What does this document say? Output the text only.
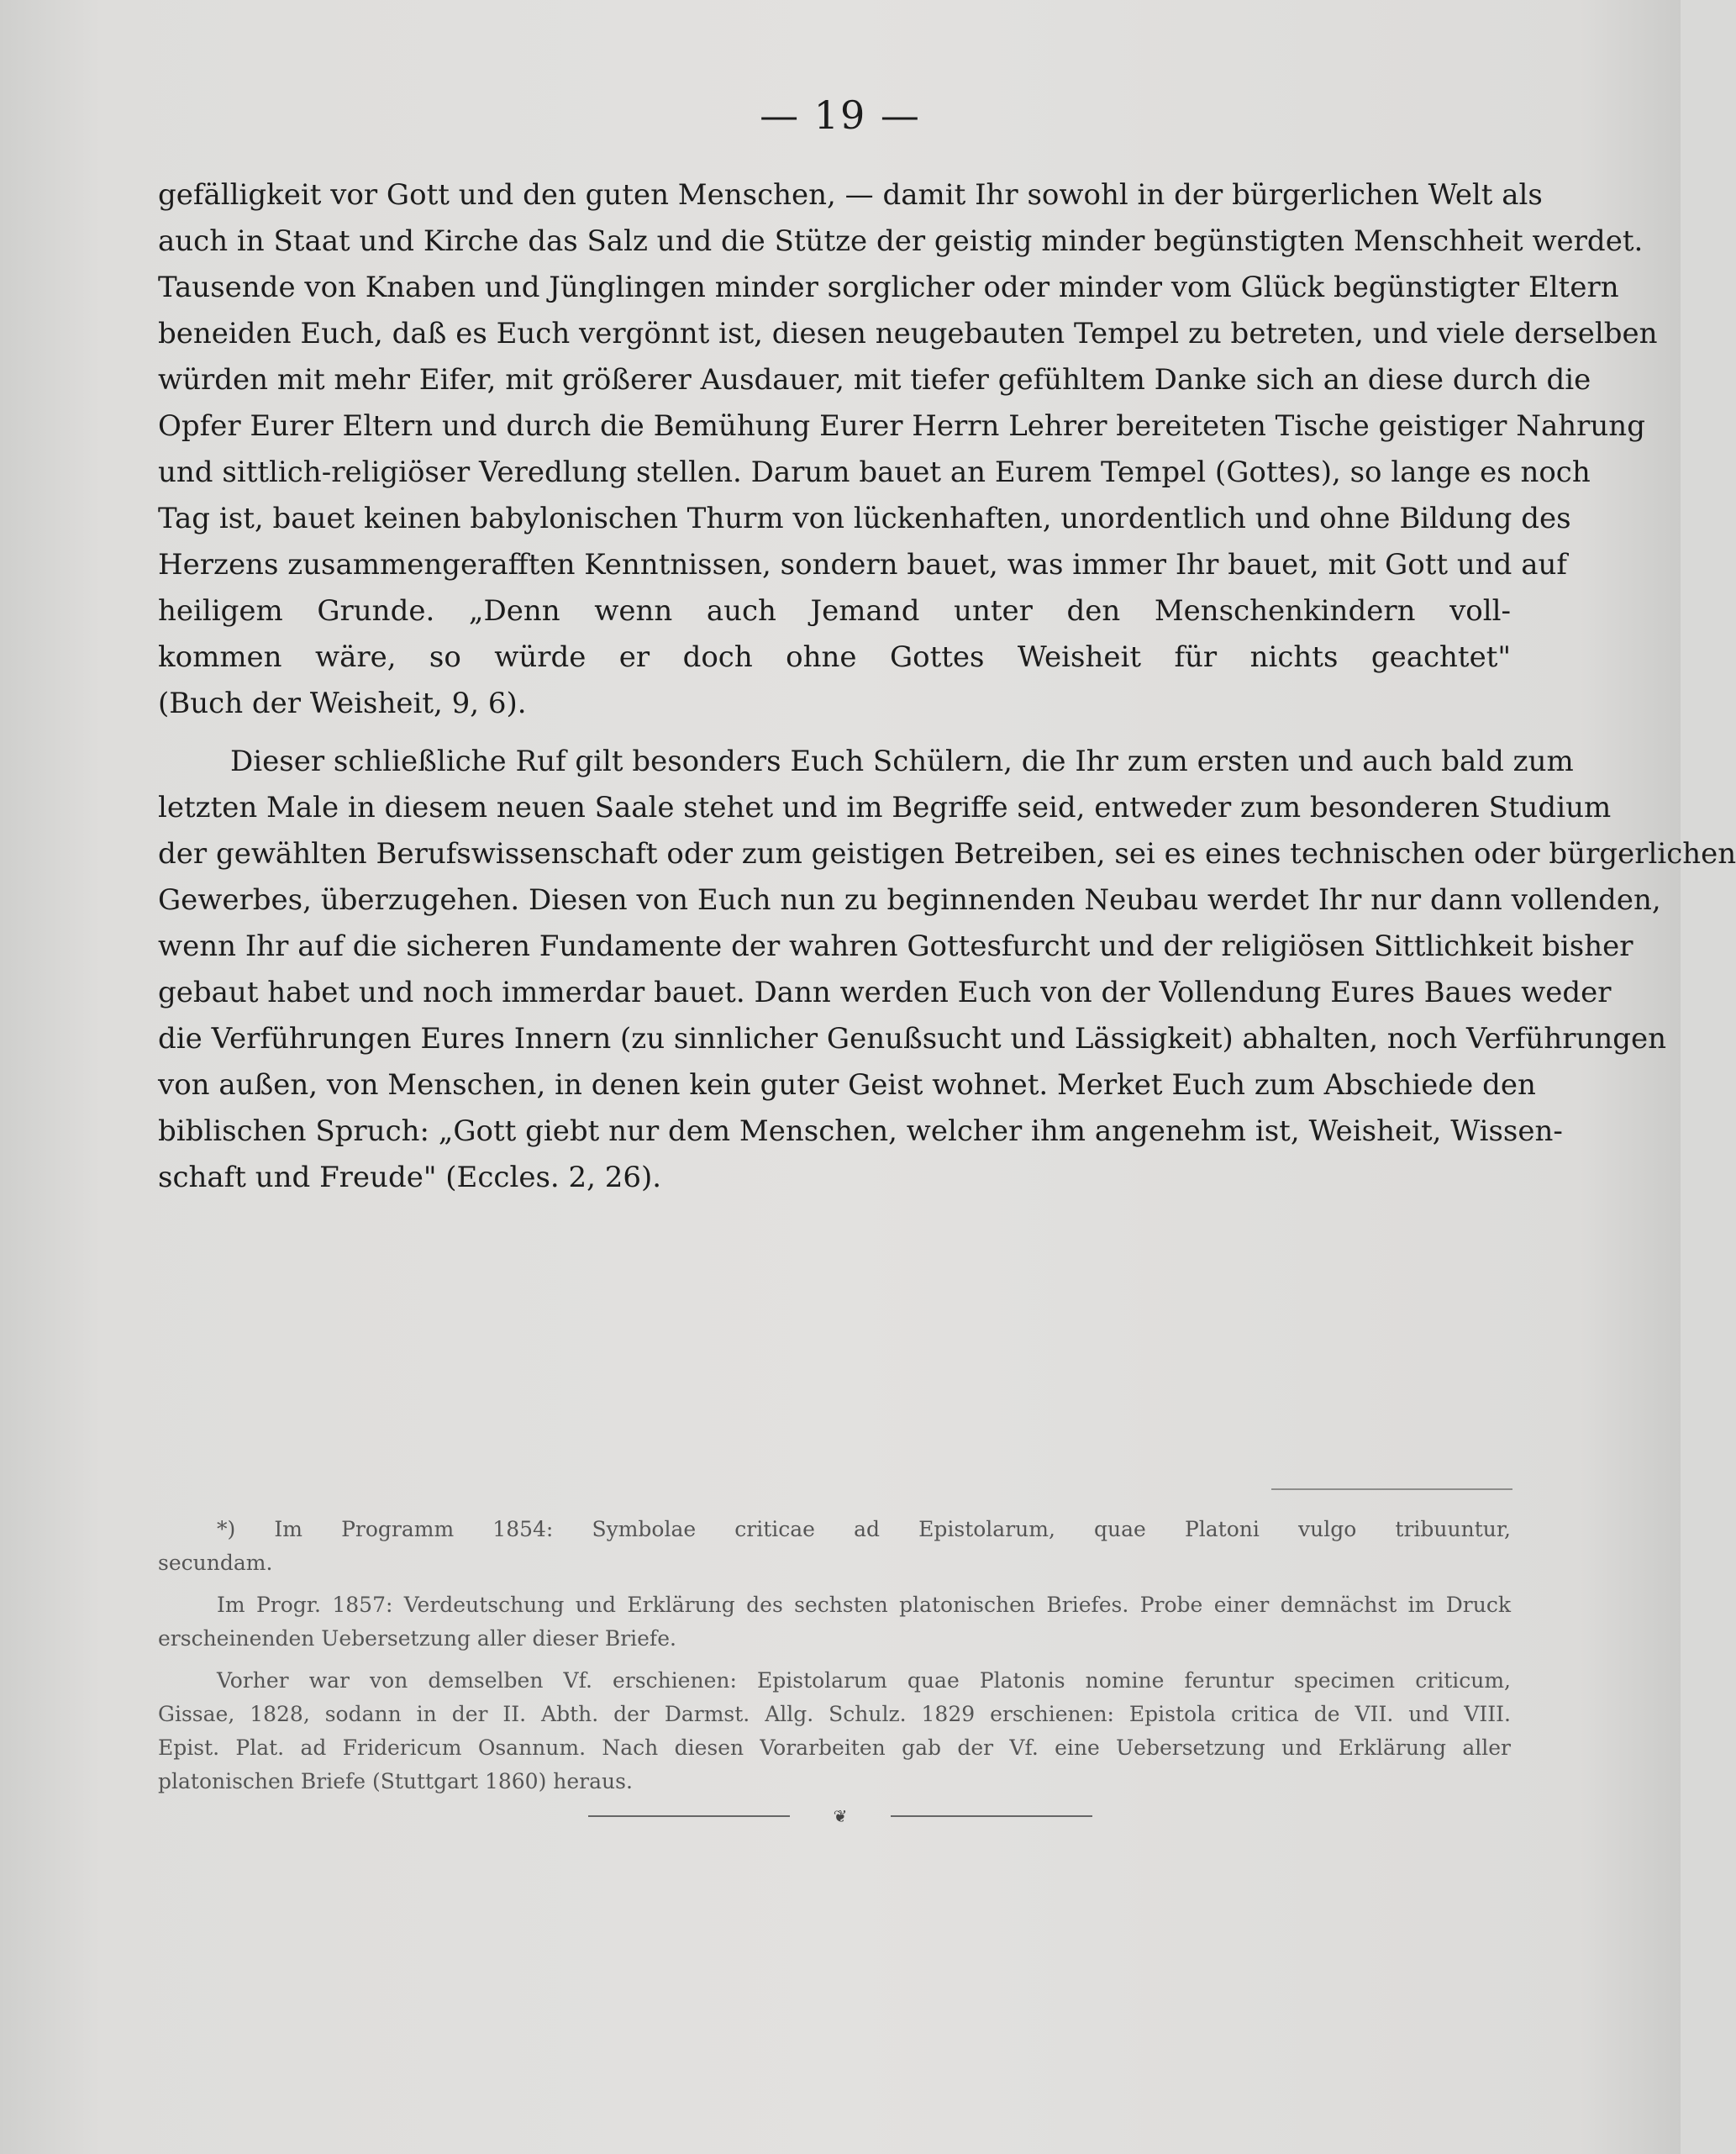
— 19 —
gefälligkeit vor Gott und den guten Menschen, — damit Ihr sowohl in der bürgerlichen Welt als
auch in Staat und Kirche das Salz und die Stütze der geistig minder begünstigten Menschheit werdet.
Tausende von Knaben und Jünglingen minder sorglicher oder minder vom Glück begünstigter Eltern
beneiden Euch, daß es Euch vergönnt ist, diesen neugebauten Tempel zu betreten, und viele derselben
würden mit mehr Eifer, mit größerer Ausdauer, mit tiefer gefühltem Danke sich an diese durch die
Opfer Eurer Eltern und durch die Bemühung Eurer Herrn Lehrer bereiteten Tische geistiger Nahrung
und sittlich-religiöser Veredlung stellen. Darum bauet an Eurem Tempel (Gottes), so lange es noch
Tag ist, bauet keinen babylonischen Thurm von lückenhaften, unordentlich und ohne Bildung des
Herzens zusammengerafften Kenntnissen, sondern bauet, was immer Ihr bauet, mit Gott und auf
heiligem Grunde. „Denn wenn auch Jemand unter den Menschenkindern voll-
kommen wäre, so würde er doch ohne Gottes Weisheit für nichts geachtet"
(Buch der Weisheit, 9, 6).
Dieser schließliche Ruf gilt besonders Euch Schülern, die Ihr zum ersten und auch bald zum
letzten Male in diesem neuen Saale stehet und im Begriffe seid, entweder zum besonderen Studium
der gewählten Berufswissenschaft oder zum geistigen Betreiben, sei es eines technischen oder bürgerlichen
Gewerbes, überzugehen. Diesen von Euch nun zu beginnenden Neubau werdet Ihr nur dann vollenden,
wenn Ihr auf die sicheren Fundamente der wahren Gottesfurcht und der religiösen Sittlichkeit bisher
gebaut habet und noch immerdar bauet. Dann werden Euch von der Vollendung Eures Baues weder
die Verführungen Eures Innern (zu sinnlicher Genußsucht und Lässigkeit) abhalten, noch Verführungen
von außen, von Menschen, in denen kein guter Geist wohnet. Merket Euch zum Abschiede den
biblischen Spruch: „Gott giebt nur dem Menschen, welcher ihm angenehm ist, Weisheit, Wissen-
schaft und Freude" (Eccles. 2, 26).
*) Im Programm 1854: Symbolae criticae ad Epistolarum, quae Platoni vulgo tribuuntur,
secundam.
Im Progr. 1857: Verdeutschung und Erklärung des sechsten platonischen Briefes. Probe einer demnächst im Druck
erscheinenden Uebersetzung aller dieser Briefe.
Vorher war von demselben Vf. erschienen: Epistolarum quae Platonis nomine feruntur specimen criticum,
Gissae, 1828, sodann in der II. Abth. der Darmst. Allg. Schulz. 1829 erschienen: Epistola critica de VII. und VIII.
Epist. Plat. ad Fridericum Osannum. Nach diesen Vorarbeiten gab der Vf. eine Uebersetzung und Erklärung aller
platonischen Briefe (Stuttgart 1860) heraus.
❦
